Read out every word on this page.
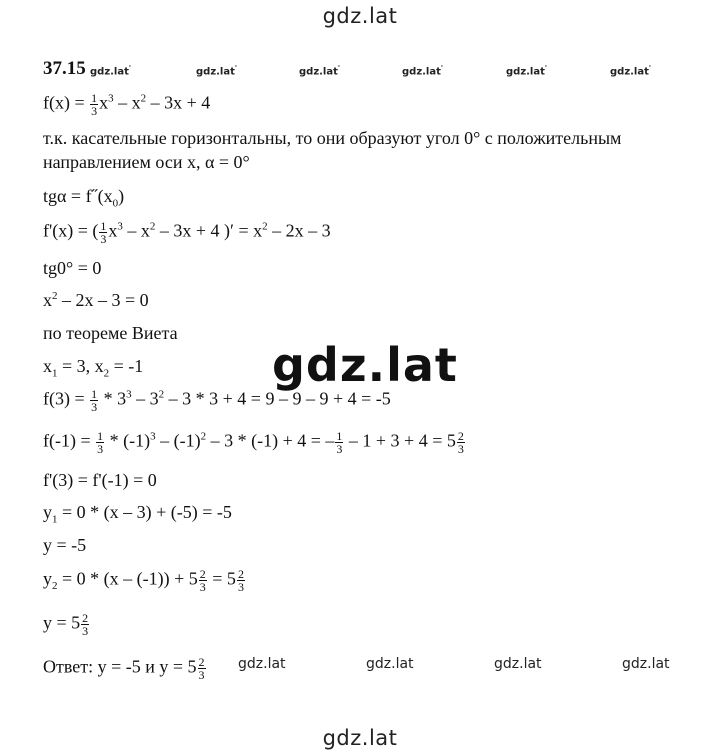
gdz.lat
gdz.lat
gdz.lat
37.15 gdz.lat'	gdz.lat'	gdz.lat'	gdz.lat'	gdz.lat'	gdz.lat'
$f(x) = \frac{1}{3} x^3 - x^2 - 3x + 4$
т.к. касательные горизонтальны, то они образуют угол 0° с положительным
направлением оси х, α = 0°
$tg\alpha = f˝(x_0)$
f'(x) = ( $\frac{1}{3} x^3 - x^2 - 3x + 4$ )′ = $x^2 - 2x - 3$
tg0° = 0
$x^2 - 2x - 3 = 0$
по теореме Виета
$x_1 = 3$, $x_2 = -1$
$f(3) = \frac{1}{3} * 3^3 - 3^2 - 3 * 3 + 4 = 9 - 9 - 9 + 4 = -5$
$f(-1) = \frac{1}{3} * (-1)^3 - (-1)^2 - 3 * (-1) + 4$ = – $\frac{1}{3} - 1 + 3 + 4 = 5 \frac{2}{3}$
f'(3) = f'(-1) = 0
$y_1 = 0 * (x - 3) + (-5) = -5$
y = -5
$y_2 = 0 * (x - (-1)) + 5 \frac{2}{3} = 5 \frac{2}{3}$
$y = 5 \frac{2}{3}$
Ответ: y = -5 и $y = 5 \frac{2}{3} gdz.lat$	gdz.lat	gdz.lat	gdz.lat
